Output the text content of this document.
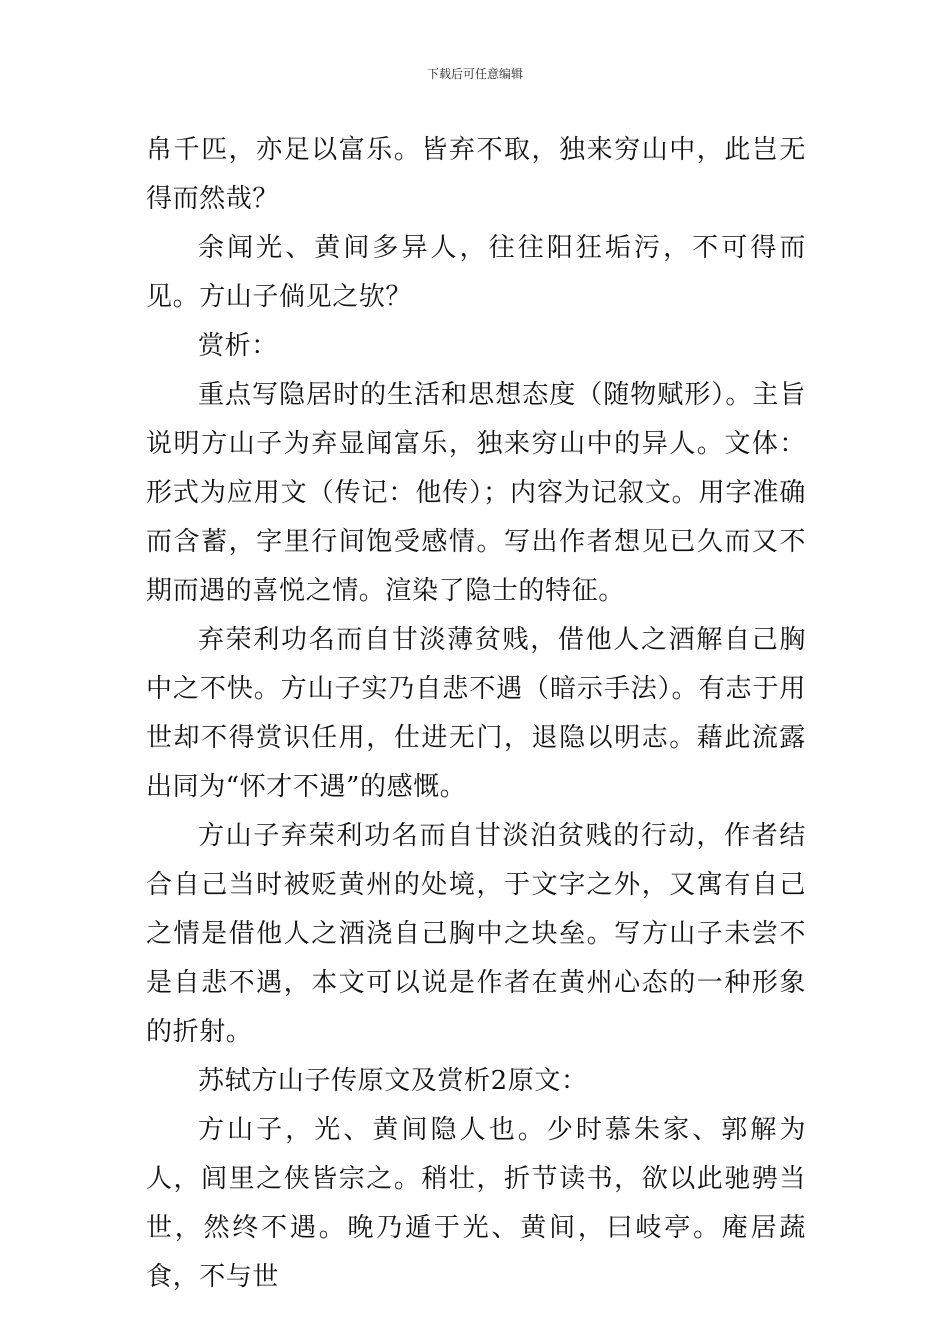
下载后可任意编辑

帛千匹，亦足以富乐。皆弃不取，独来穷山中，此岂无得而然哉？

余闻光、黄间多异人，往往阳狂垢污，不可得而见。方山子倘见之欤？

赏析：

重点写隐居时的生活和思想态度（随物赋形）。主旨说明方山子为弃显闻富乐，独来穷山中的异人。文体：形式为应用文（传记：他传）；内容为记叙文。用字准确而含蓄，字里行间饱受感情。写出作者想见已久而又不期而遇的喜悦之情。渲染了隐士的特征。

弃荣利功名而自甘淡薄贫贱，借他人之酒解自己胸中之不快。方山子实乃自悲不遇（暗示手法）。有志于用世却不得赏识任用，仕进无门，退隐以明志。藉此流露出同为“怀才不遇”的感慨。

方山子弃荣利功名而自甘淡泊贫贱的行动，作者结合自己当时被贬黄州的处境，于文字之外，又寓有自己之情是借他人之酒浇自己胸中之块垒。写方山子未尝不是自悲不遇，本文可以说是作者在黄州心态的一种形象的折射。

苏轼方山子传原文及赏析2原文：

方山子，光、黄间隐人也。少时慕朱家、郭解为人，闾里之侠皆宗之。稍壮，折节读书，欲以此驰骋当世，然终不遇。晚乃遁于光、黄间，曰岐亭。庵居蔬食，不与世
